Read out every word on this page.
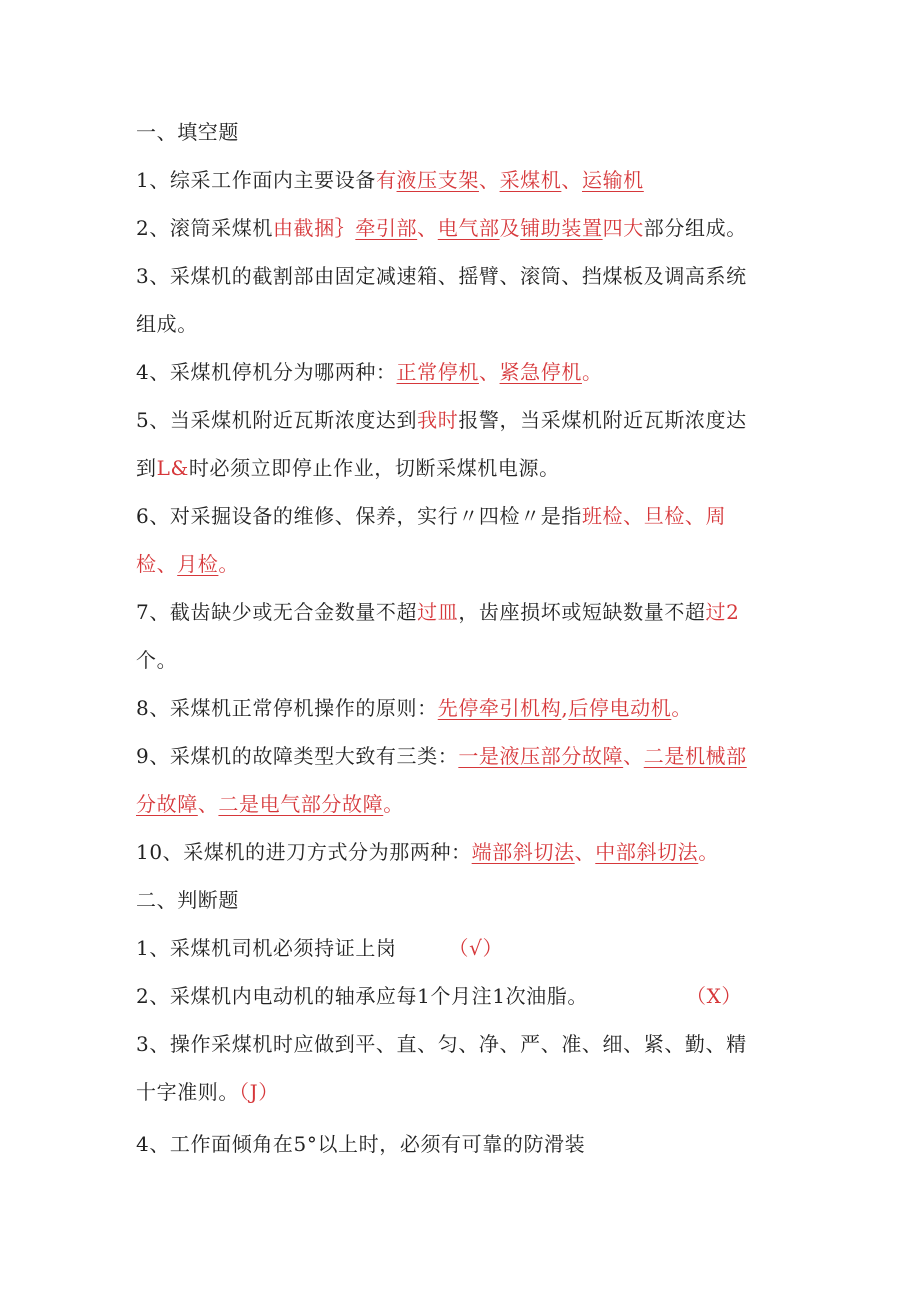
一、填空题
1、综采工作面内主要设备有液压支架、采煤机、运输机
2、滚筒采煤机由截捆｝牵引部、电气部及铺助装置四大部分组成。
3、采煤机的截割部由固定减速箱、摇臂、滚筒、挡煤板及调高系统
组成。
4、采煤机停机分为哪两种：正常停机、紧急停机。
5、当采煤机附近瓦斯浓度达到我时报警，当采煤机附近瓦斯浓度达
到L&时必须立即停止作业，切断采煤机电源。
6、对采掘设备的维修、保养，实行〃四检〃是指班检、旦检、周
检、月检。
7、截齿缺少或无合金数量不超过皿，齿座损坏或短缺数量不超过2
个。
8、采煤机正常停机操作的原则：先停牵引机构,后停电动机。
9、采煤机的故障类型大致有三类：一是液压部分故障、二是机械部
分故障、二是电气部分故障。
10、采煤机的进刀方式分为那两种：端部斜切法、中部斜切法。
二、判断题
1、采煤机司机必须持证上岗	（√）
2、采煤机内电动机的轴承应每1个月注1次油脂。	（X）
3、操作采煤机时应做到平、直、匀、净、严、准、细、紧、勤、精
十字准则。（J）
4、工作面倾角在5°以上时，必须有可靠的防滑装
